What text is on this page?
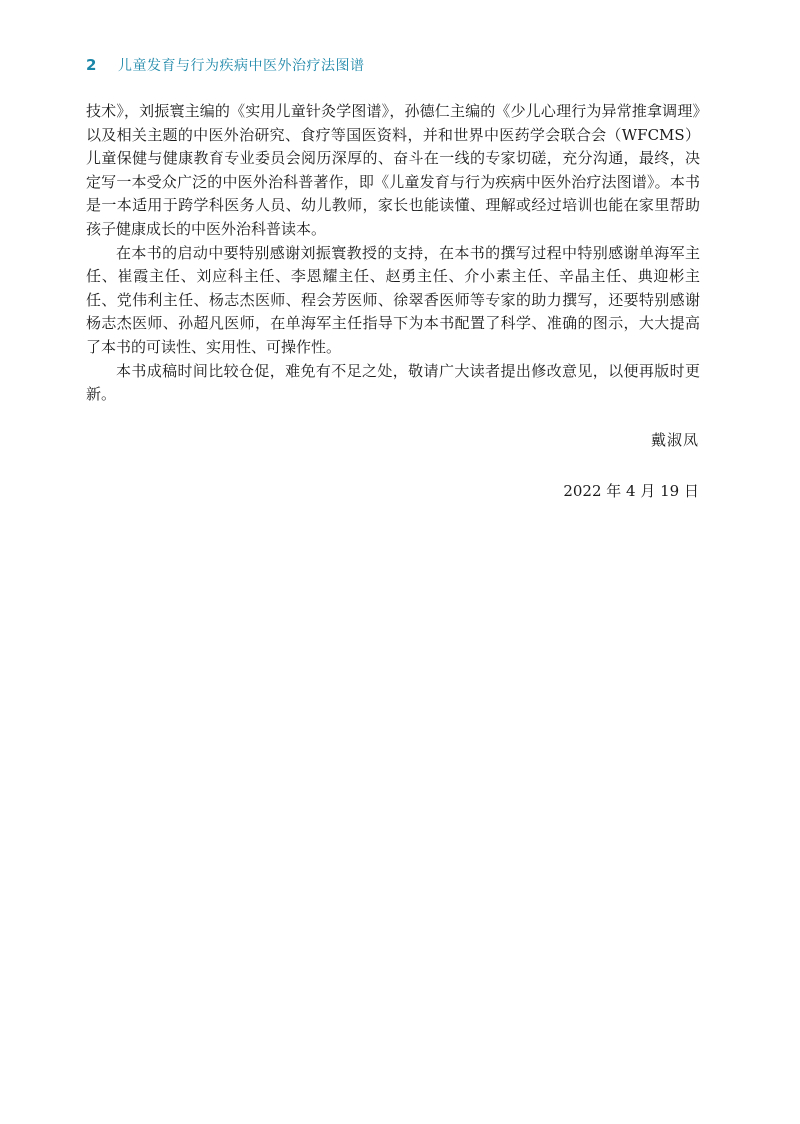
2	儿童发育与行为疾病中医外治疗法图谱

技术》，刘振寰主编的《实用儿童针灸学图谱》，孙德仁主编的《少儿心理行为异常推拿调理》以及相关主题的中医外治研究、食疗等国医资料，并和世界中医药学会联合会（WFCMS）儿童保健与健康教育专业委员会阅历深厚的、奋斗在一线的专家切磋，充分沟通，最终，决定写一本受众广泛的中医外治科普著作，即《儿童发育与行为疾病中医外治疗法图谱》。本书是一本适用于跨学科医务人员、幼儿教师，家长也能读懂、理解或经过培训也能在家里帮助孩子健康成长的中医外治科普读本。

在本书的启动中要特别感谢刘振寰教授的支持，在本书的撰写过程中特别感谢单海军主任、崔霞主任、刘应科主任、李恩耀主任、赵勇主任、介小素主任、辛晶主任、典迎彬主任、党伟利主任、杨志杰医师、程会芳医师、徐翠香医师等专家的助力撰写，还要特别感谢杨志杰医师、孙超凡医师，在单海军主任指导下为本书配置了科学、准确的图示，大大提高了本书的可读性、实用性、可操作性。

本书成稿时间比较仓促，难免有不足之处，敬请广大读者提出修改意见，以便再版时更新。

戴淑凤
2022 年 4 月 19 日
